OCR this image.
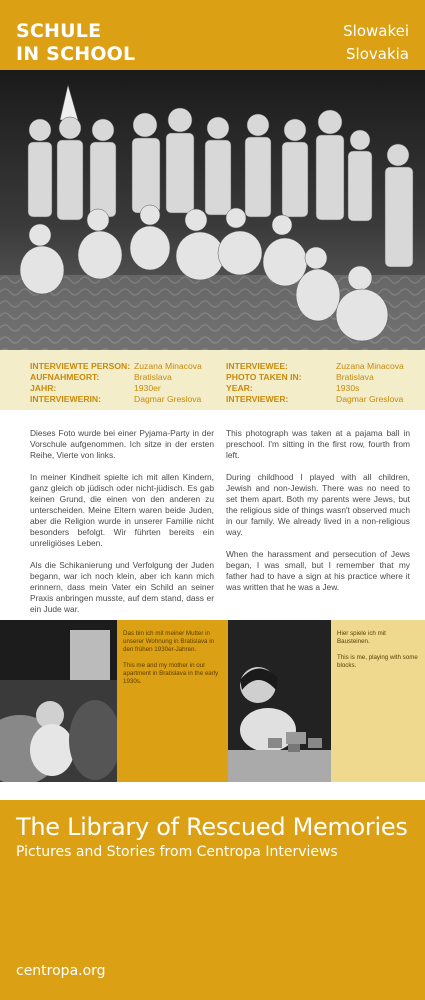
SCHULE
IN SCHOOL
Slowakei
Slovakia
INTERVIEWTE PERSON: Zuzana Minacova
AUFNAHMEORT:	Bratislava
JAHR:	1930er
INTERVIEWERIN:	Dagmar Greslova
INTERVIEWEE:	Zuzana Minacova
PHOTO TAKEN IN:	Bratislava
YEAR:	1930s
INTERVIEWER:	Dagmar Greslova

Dieses Foto wurde bei einer Pyjama-Party in der Vorschule aufgenommen. Ich sitze in der ersten Reihe, Vierte von links.

In meiner Kindheit spielte ich mit allen Kindern, ganz gleich ob jüdisch oder nicht-jüdisch. Es gab keinen Grund, die einen von den anderen zu unterscheiden. Meine Eltern waren beide Juden, aber die Religion wurde in unserer Familie nicht besonders befolgt. Wir führten bereits ein unreligiöses Leben.

Als die Schikanierung und Verfolgung der Juden begann, war ich noch klein, aber ich kann mich erinnern, dass mein Vater ein Schild an seiner Praxis anbringen musste, auf dem stand, dass er ein Jude war.

This photograph was taken at a pajama ball in preschool. I'm sitting in the first row, fourth from left.

During childhood I played with all children, Jewish and non-Jewish. There was no need to set them apart. Both my parents were Jews, but the religious side of things wasn't observed much in our family. We already lived in a non-religious way.

When the harassment and persecution of Jews began, I was small, but I remember that my father had to have a sign at his practice where it was written that he was a Jew.

Das bin ich mit meiner Mutter in unserer Wohnung in Bratislava in den frühen 1930er-Jahren.

This me and my mother in our apartment in Bratislava in the early 1930s.

Hier spiele ich mit Bausteinen.

This is me, playing with some blocks.

The Library of Rescued Memories
Pictures and Stories from Centropa Interviews
centropa.org
